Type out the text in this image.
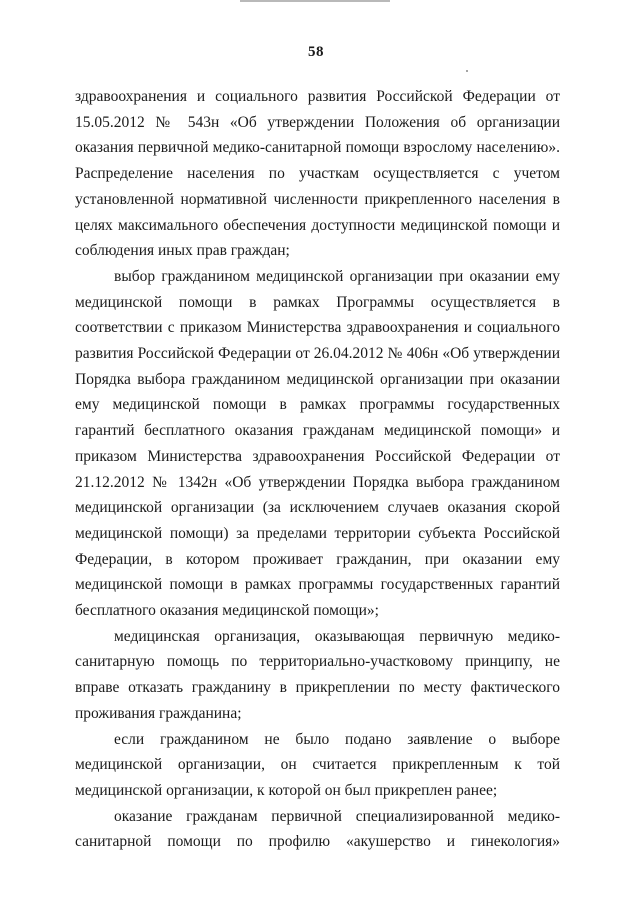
58

здравоохранения и социального развития Российской Федерации от 15.05.2012 № 543н «Об утверждении Положения об организации оказания первичной медико-санитарной помощи взрослому населению». Распределение населения по участкам осуществляется с учетом установленной нормативной численности прикрепленного населения в целях максимального обеспечения доступности медицинской помощи и соблюдения иных прав граждан;

выбор гражданином медицинской организации при оказании ему медицинской помощи в рамках Программы осуществляется в соответствии с приказом Министерства здравоохранения и социального развития Российской Федерации от 26.04.2012 № 406н «Об утверждении Порядка выбора гражданином медицинской организации при оказании ему медицинской помощи в рамках программы государственных гарантий бесплатного оказания гражданам медицинской помощи» и приказом Министерства здравоохранения Российской Федерации от 21.12.2012 № 1342н «Об утверждении Порядка выбора гражданином медицинской организации (за исключением случаев оказания скорой медицинской помощи) за пределами территории субъекта Российской Федерации, в котором проживает гражданин, при оказании ему медицинской помощи в рамках программы государственных гарантий бесплатного оказания медицинской помощи»;

медицинская организация, оказывающая первичную медико-санитарную помощь по территориально-участковому принципу, не вправе отказать гражданину в прикреплении по месту фактического проживания гражданина;

если гражданином не было подано заявление о выборе медицинской организации, он считается прикрепленным к той медицинской организации, к которой он был прикреплен ранее;

оказание гражданам первичной специализированной медико-санитарной помощи по профилю «акушерство и гинекология»
